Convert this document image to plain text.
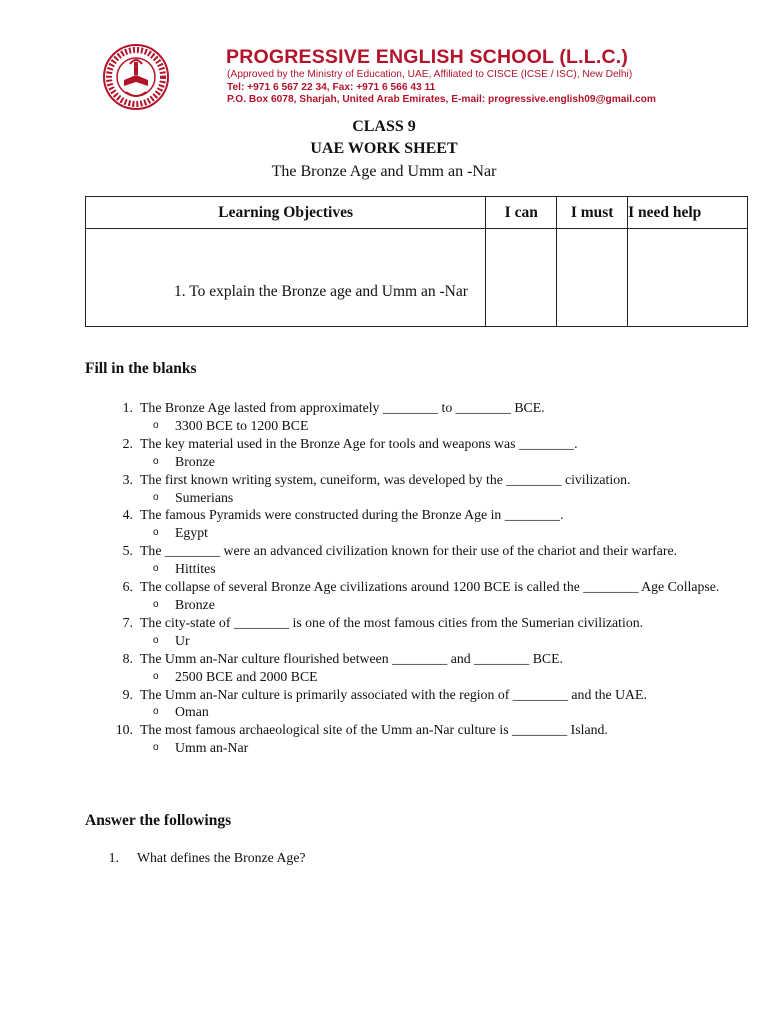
PROGRESSIVE ENGLISH SCHOOL (L.L.C.)
(Approved by the Ministry of Education, UAE, Affiliated to CISCE (ICSE / ISC), New Delhi)
Tel: +971 6 567 22 34, Fax: +971 6 566 43 11
P.O. Box 6078, Sharjah, United Arab Emirates, E-mail: progressive.english09@gmail.com
CLASS 9
UAE WORK SHEET
The Bronze Age and Umm an -Nar
Learning Objectives	I can	I must	I need help

1. To explain the Bronze age and Umm an -Nar			

Fill in the blanks
1. The Bronze Age lasted from approximately ________ to ________ BCE.
o 3300 BCE to 1200 BCE
2. The key material used in the Bronze Age for tools and weapons was ________.
o Bronze
3. The first known writing system, cuneiform, was developed by the ________ civilization.
o Sumerians
4. The famous Pyramids were constructed during the Bronze Age in ________.
o Egypt
5. The ________ were an advanced civilization known for their use of the chariot and their warfare.
o Hittites
6. The collapse of several Bronze Age civilizations around 1200 BCE is called the ________ Age Collapse.
o Bronze
7. The city-state of ________ is one of the most famous cities from the Sumerian civilization.
o Ur
8. The Umm an-Nar culture flourished between ________ and ________ BCE.
o 2500 BCE and 2000 BCE
9. The Umm an-Nar culture is primarily associated with the region of ________ and the UAE.
o Oman
10. The most famous archaeological site of the Umm an-Nar culture is ________ Island.
o Umm an-Nar
Answer the followings
1. What defines the Bronze Age?
